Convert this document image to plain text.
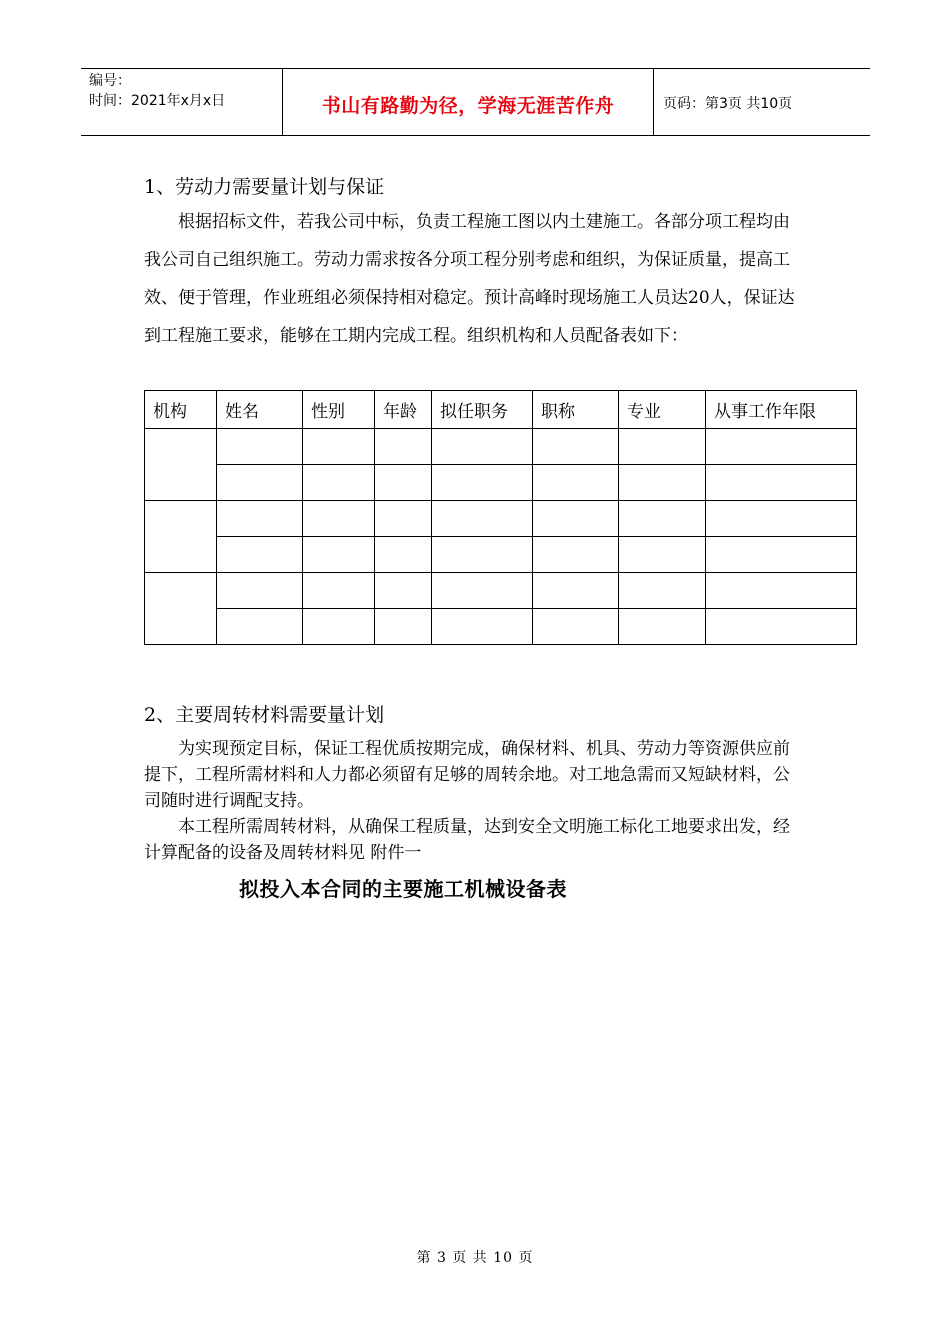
编号：
时间：2021年x月x日	书山有路勤为径，学海无涯苦作舟	页码：第3页 共10页
1、劳动力需要量计划与保证
根据招标文件，若我公司中标，负责工程施工图以内土建施工。各部分项工程均由我公司自己组织施工。劳动力需求按各分项工程分别考虑和组织，为保证质量，提高工效、便于管理，作业班组必须保持相对稳定。预计高峰时现场施工人员达20人，保证达到工程施工要求，能够在工期内完成工程。组织机构和人员配备表如下：
机构	姓名	性别	年龄	拟任职务	职称	专业	从事工作年限

2、主要周转材料需要量计划
为实现预定目标，保证工程优质按期完成，确保材料、机具、劳动力等资源供应前提下，工程所需材料和人力都必须留有足够的周转余地。对工地急需而又短缺材料，公司随时进行调配支持。
本工程所需周转材料，从确保工程质量，达到安全文明施工标化工地要求出发，经计算配备的设备及周转材料见 附件一
拟投入本合同的主要施工机械设备表
第 3 页 共 10 页
